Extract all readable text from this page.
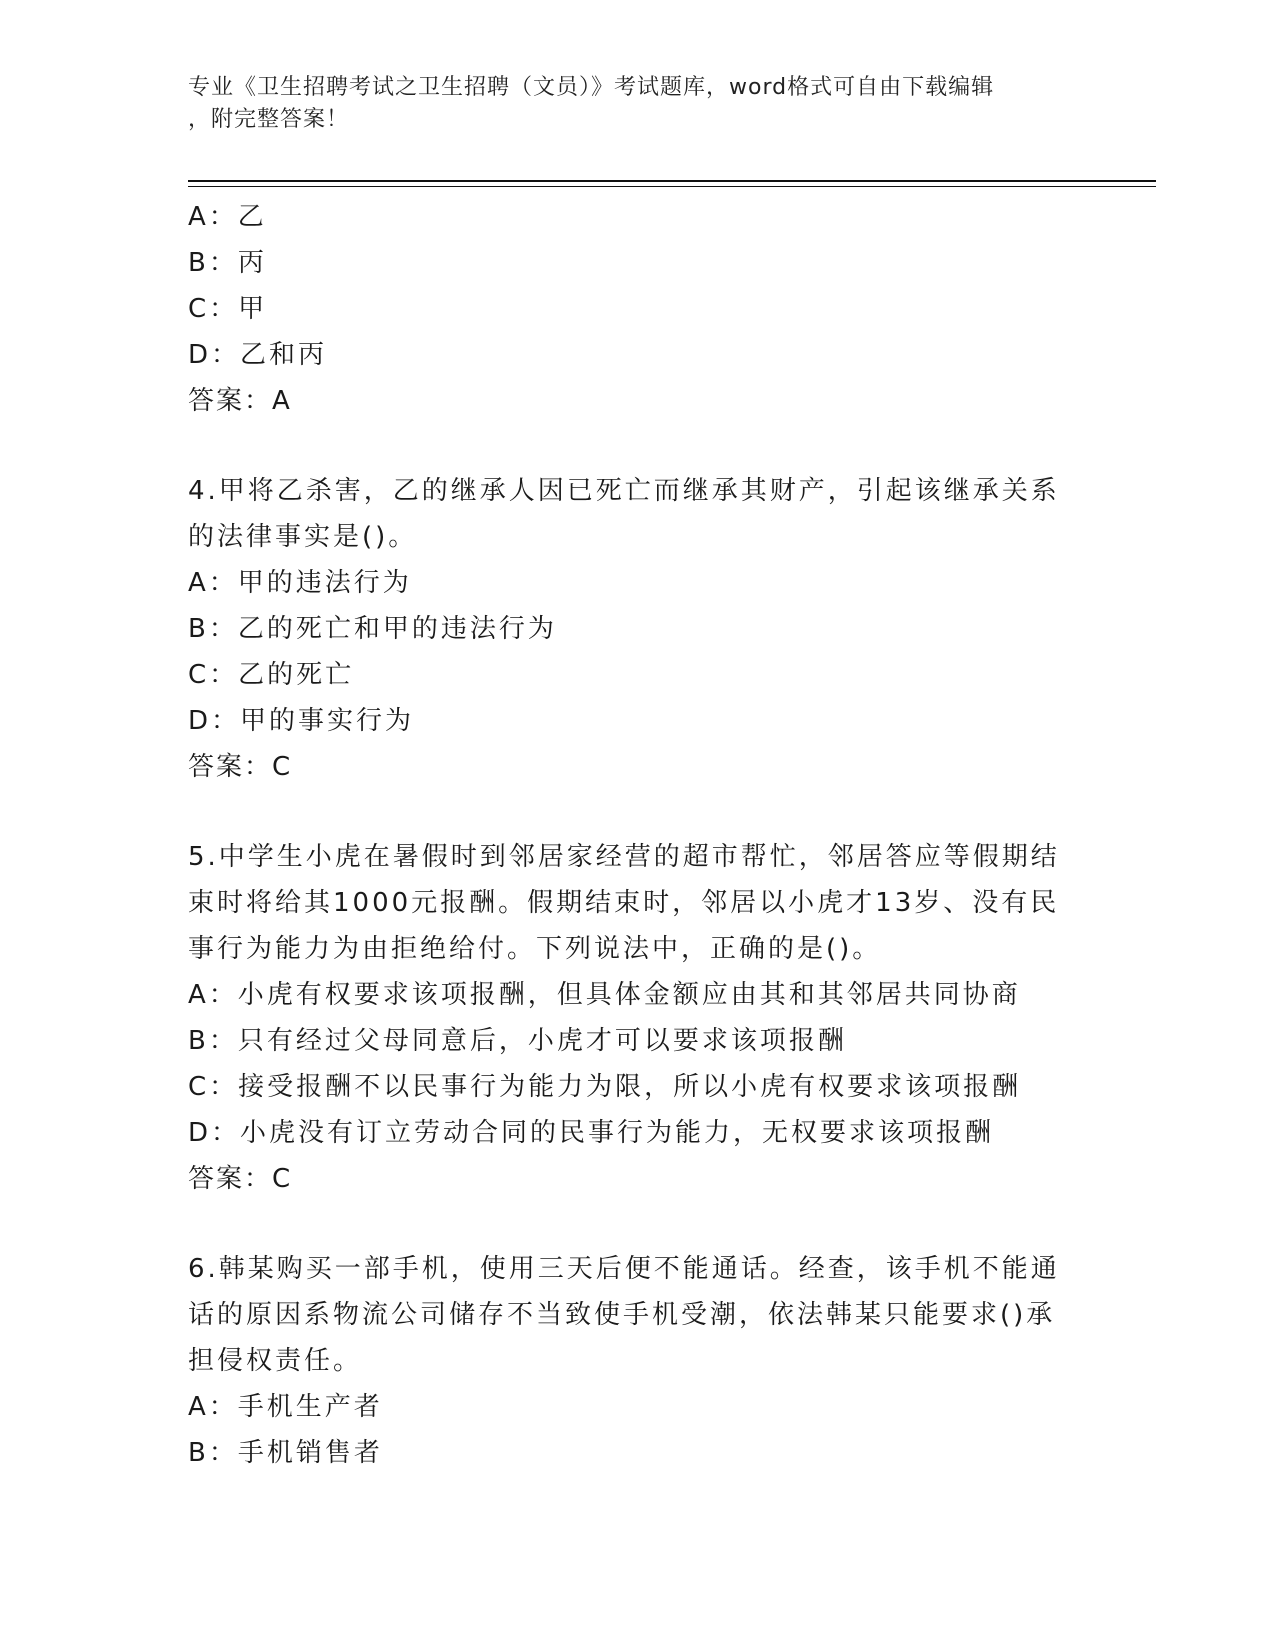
专业《卫生招聘考试之卫生招聘（文员）》考试题库，word格式可自由下载编辑
，附完整答案！
A：乙
B：丙
C：甲
D：乙和丙
答案：A
4.甲将乙杀害，乙的继承人因已死亡而继承其财产，引起该继承关系
的法律事实是()。
A：甲的违法行为
B：乙的死亡和甲的违法行为
C：乙的死亡
D：甲的事实行为
答案：C
5.中学生小虎在暑假时到邻居家经营的超市帮忙，邻居答应等假期结
束时将给其1000元报酬。假期结束时，邻居以小虎才13岁、没有民
事行为能力为由拒绝给付。下列说法中，正确的是()。
A：小虎有权要求该项报酬，但具体金额应由其和其邻居共同协商
B：只有经过父母同意后，小虎才可以要求该项报酬
C：接受报酬不以民事行为能力为限，所以小虎有权要求该项报酬
D：小虎没有订立劳动合同的民事行为能力，无权要求该项报酬
答案：C
6.韩某购买一部手机，使用三天后便不能通话。经查，该手机不能通
话的原因系物流公司储存不当致使手机受潮，依法韩某只能要求()承
担侵权责任。
A：手机生产者
B：手机销售者
